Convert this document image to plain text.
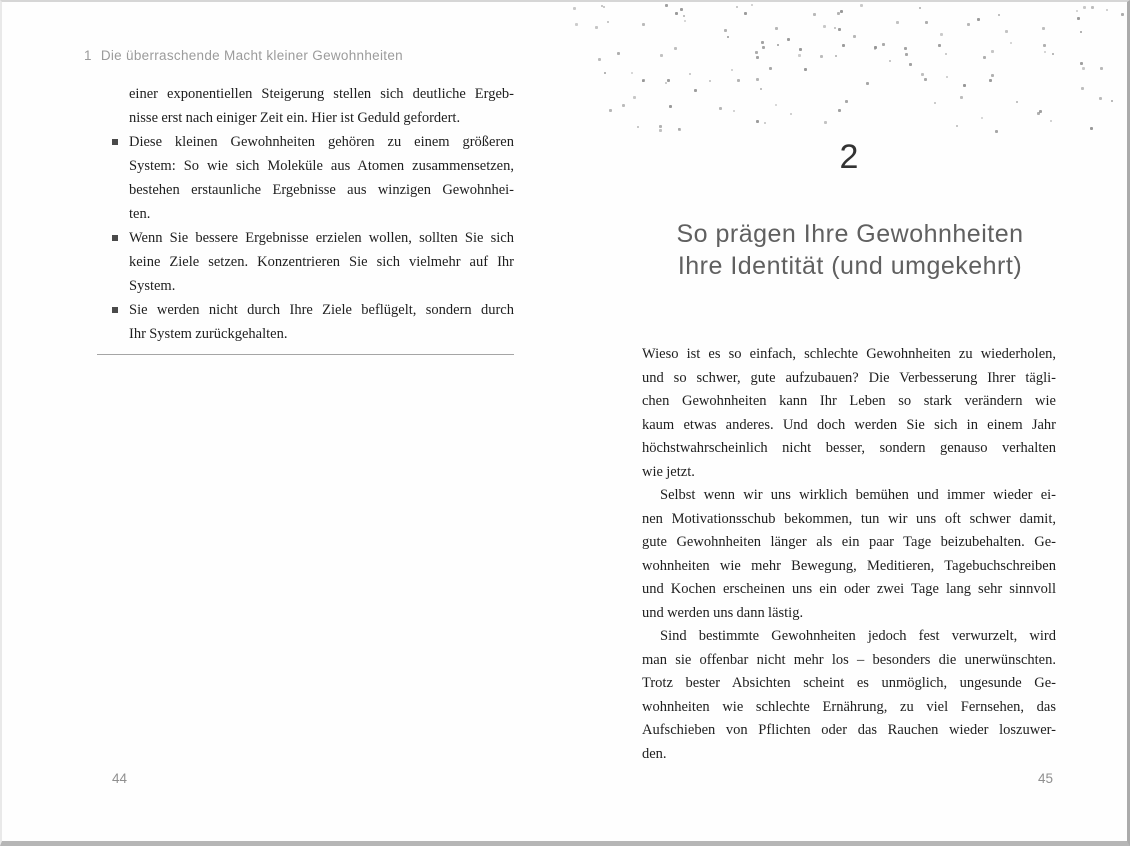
1 Die überraschende Macht kleiner Gewohnheiten
einer exponentiellen Steigerung stellen sich deutliche Ergeb-
nisse erst nach einiger Zeit ein. Hier ist Geduld gefordert.
Diese kleinen Gewohnheiten gehören zu einem größeren
System: So wie sich Moleküle aus Atomen zusammensetzen,
bestehen erstaunliche Ergebnisse aus winzigen Gewohnhei-
ten.
Wenn Sie bessere Ergebnisse erzielen wollen, sollten Sie sich
keine Ziele setzen. Konzentrieren Sie sich vielmehr auf Ihr
System.
Sie werden nicht durch Ihre Ziele beflügelt, sondern durch
Ihr System zurückgehalten.
44
2
So prägen Ihre Gewohnheiten
Ihre Identität (und umgekehrt)
Wieso ist es so einfach, schlechte Gewohnheiten zu wiederholen,
und so schwer, gute aufzubauen? Die Verbesserung Ihrer tägli-
chen Gewohnheiten kann Ihr Leben so stark verändern wie
kaum etwas anderes. Und doch werden Sie sich in einem Jahr
höchstwahrscheinlich nicht besser, sondern genauso verhalten
wie jetzt.
Selbst wenn wir uns wirklich bemühen und immer wieder ei-
nen Motivationsschub bekommen, tun wir uns oft schwer damit,
gute Gewohnheiten länger als ein paar Tage beizubehalten. Ge-
wohnheiten wie mehr Bewegung, Meditieren, Tagebuchschreiben
und Kochen erscheinen uns ein oder zwei Tage lang sehr sinnvoll
und werden uns dann lästig.
Sind bestimmte Gewohnheiten jedoch fest verwurzelt, wird
man sie offenbar nicht mehr los – besonders die unerwünschten.
Trotz bester Absichten scheint es unmöglich, ungesunde Ge-
wohnheiten wie schlechte Ernährung, zu viel Fernsehen, das
Aufschieben von Pflichten oder das Rauchen wieder loszuwer-
den.
45
